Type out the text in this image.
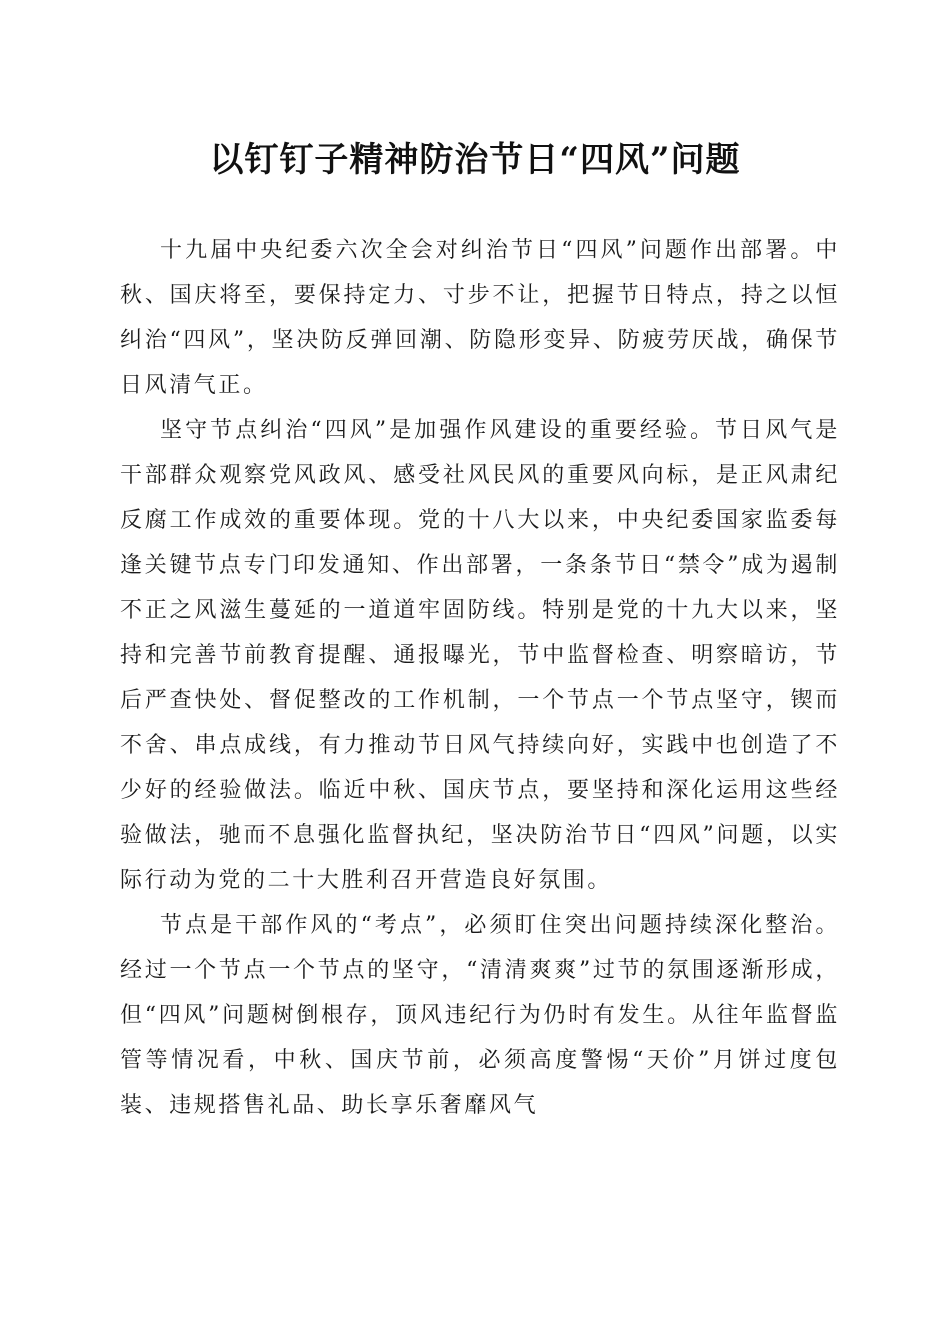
以钉钉子精神防治节日“四风”问题

十九届中央纪委六次全会对纠治节日“四风”问题作出部署。中秋、国庆将至，要保持定力、寸步不让，把握节日特点，持之以恒纠治“四风”，坚决防反弹回潮、防隐形变异、防疲劳厌战，确保节日风清气正。

坚守节点纠治“四风”是加强作风建设的重要经验。节日风气是干部群众观察党风政风、感受社风民风的重要风向标，是正风肃纪反腐工作成效的重要体现。党的十八大以来，中央纪委国家监委每逢关键节点专门印发通知、作出部署，一条条节日“禁令”成为遏制不正之风滋生蔓延的一道道牢固防线。特别是党的十九大以来，坚持和完善节前教育提醒、通报曝光，节中监督检查、明察暗访，节后严查快处、督促整改的工作机制，一个节点一个节点坚守，锲而不舍、串点成线，有力推动节日风气持续向好，实践中也创造了不少好的经验做法。临近中秋、国庆节点，要坚持和深化运用这些经验做法，驰而不息强化监督执纪，坚决防治节日“四风”问题，以实际行动为党的二十大胜利召开营造良好氛围。

节点是干部作风的“考点”，必须盯住突出问题持续深化整治。经过一个节点一个节点的坚守，“清清爽爽”过节的氛围逐渐形成，但“四风”问题树倒根存，顶风违纪行为仍时有发生。从往年监督监管等情况看，中秋、国庆节前，必须高度警惕“天价”月饼过度包装、违规搭售礼品、助长享乐奢靡风气
